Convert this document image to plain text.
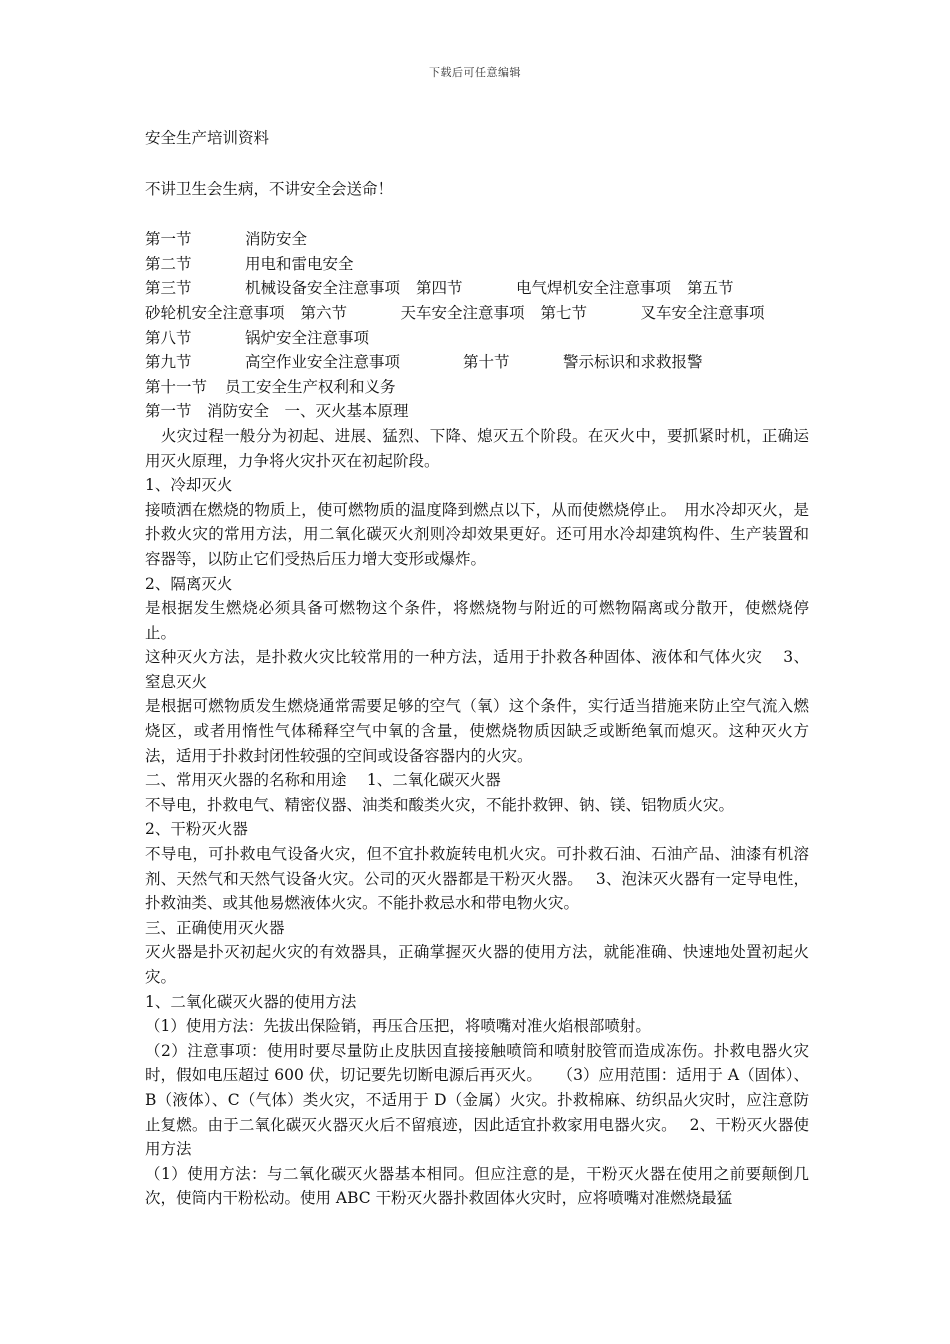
下载后可任意编辑
安全生产培训资料
不讲卫生会生病，不讲安全会送命！
第一节	消防安全
第二节	用电和雷电安全
第三节	机械设备安全注意事项 第四节	电气焊机安全注意事项 第五节
砂轮机安全注意事项 第六节	天车安全注意事项 第七节	叉车安全注意事项
第八节	锅炉安全注意事项
第九节	高空作业安全注意事项	第十节	警示标识和求救报警
第十一节 员工安全生产权利和义务
第一节　消防安全　一、灭火基本原理
　火灾过程一般分为初起、进展、猛烈、下降、熄灭五个阶段。在灭火中，要抓紧时机，正确运用灭火原理，力争将火灾扑灭在初起阶段。
1、冷却灭火
接喷洒在燃烧的物质上，使可燃物质的温度降到燃点以下，从而使燃烧停止。　用水冷却灭火，是扑救火灾的常用方法，用二氧化碳灭火剂则冷却效果更好。还可用水冷却建筑构件、生产装置和容器等，以防止它们受热后压力增大变形或爆炸。
2、隔离灭火
是根据发生燃烧必须具备可燃物这个条件，将燃烧物与附近的可燃物隔离或分散开，使燃烧停止。
这种灭火方法，是扑救火灾比较常用的一种方法，适用于扑救各种固体、液体和气体火灾　 3、窒息灭火
是根据可燃物质发生燃烧通常需要足够的空气（氧）这个条件，实行适当措施来防止空气流入燃烧区，或者用惰性气体稀释空气中氧的含量，使燃烧物质因缺乏或断绝氧而熄灭。这种灭火方法，适用于扑救封闭性较强的空间或设备容器内的火灾。
二、常用灭火器的名称和用途　 1、二氧化碳灭火器
不导电，扑救电气、精密仪器、油类和酸类火灾，不能扑救钾、钠、镁、铝物质火灾。
2、干粉灭火器
不导电，可扑救电气设备火灾，但不宜扑救旋转电机火灾。可扑救石油、石油产品、油漆有机溶剂、天然气和天然气设备火灾。公司的灭火器都是干粉灭火器。　 3、泡沫灭火器有一定导电性，扑救油类、或其他易燃液体火灾。不能扑救忌水和带电物火灾。
三、正确使用灭火器
灭火器是扑灭初起火灾的有效器具，正确掌握灭火器的使用方法，就能准确、快速地处置初起火灾。
1、二氧化碳灭火器的使用方法
（1）使用方法：先拔出保险销，再压合压把，将喷嘴对准火焰根部喷射。
（2）注意事项：使用时要尽量防止皮肤因直接接触喷筒和喷射胶管而造成冻伤。扑救电器火灾时，假如电压超过 600 伏，切记要先切断电源后再灭火。　　（3）应用范围：适用于 A（固体）、B（液体）、C（气体）类火灾，不适用于 D（金属）火灾。扑救棉麻、纺织品火灾时，应注意防止复燃。由于二氧化碳灭火器灭火后不留痕迹，因此适宜扑救家用电器火灾。　 2、干粉灭火器使用方法
（1）使用方法：与二氧化碳灭火器基本相同。但应注意的是，干粉灭火器在使用之前要颠倒几次，使筒内干粉松动。使用 ABC 干粉灭火器扑救固体火灾时，应将喷嘴对准燃烧最猛
